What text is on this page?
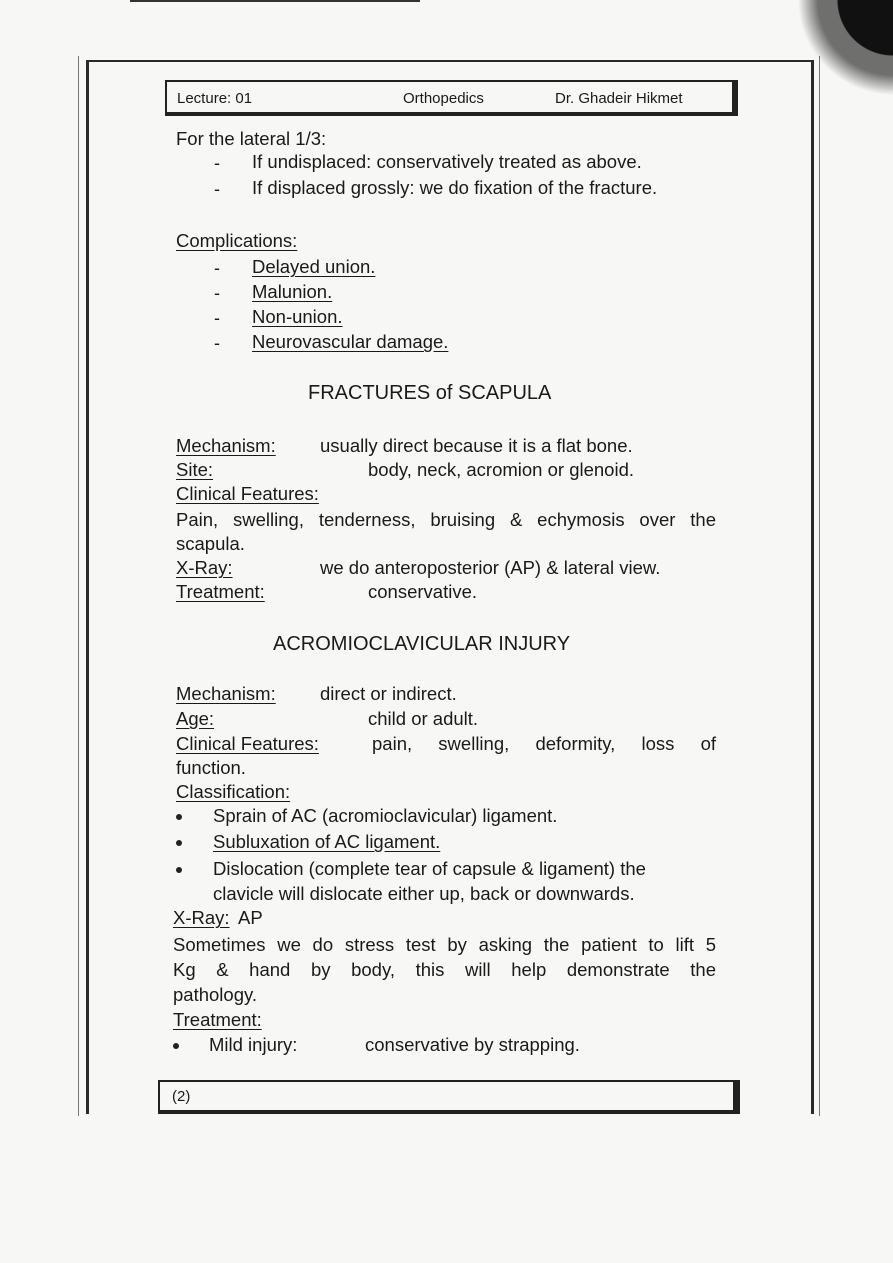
Lecture: 01	Orthopedics	Dr. Ghadeir Hikmet
For the lateral 1/3:
- If undisplaced: conservatively treated as above.
- If displaced grossly: we do fixation of the fracture.
Complications:
- Delayed union.
- Malunion.
- Non-union.
- Neurovascular damage.
FRACTURES of SCAPULA
Mechanism: usually direct because it is a flat bone.
Site:	body, neck, acromion or glenoid.
Clinical Features:
Pain, swelling, tenderness, bruising & echymosis over the
scapula.
X-Ray:	we do anteroposterior (AP) & lateral view.
Treatment:	conservative.
ACROMIOCLAVICULAR INJURY
Mechanism: direct or indirect.
Age:	child or adult.
Clinical Features:	pain, swelling, deformity, loss of
function.
Classification:
Sprain of AC (acromioclavicular) ligament.
Subluxation of AC ligament.
Dislocation (complete tear of capsule & ligament) the
clavicle will dislocate either up, back or downwards.
X-Ray: AP
Sometimes we do stress test by asking the patient to lift 5
Kg & hand by body, this will help demonstrate the
pathology.
Treatment:
Mild injury:	conservative by strapping.
(2)
